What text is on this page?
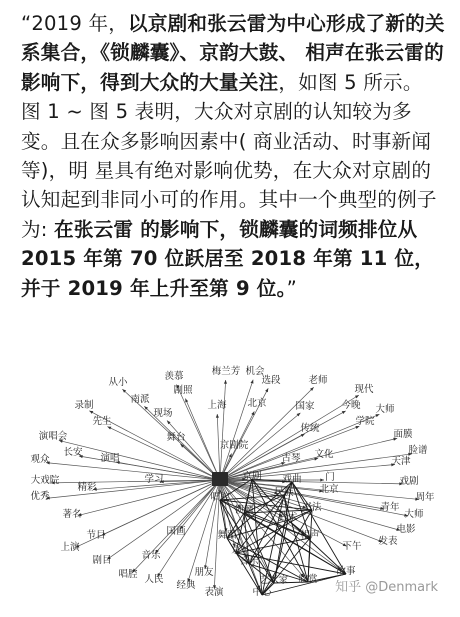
“2019 年，以京剧和张云雷为中心形成了新的关系集合，《锁麟囊》、京韵大鼓、 相声在张云雷的影响下，得到大众的大量关注，如图 5 所示。 图 1 ~ 图 5 表明，大众对京剧的认知较为多变。且在众多影响因素中( 商业活动、时事新闻等)，明 星具有绝对影响优势，在大众对京剧的认知起到非同小可的作用。其中一个典型的例子为: 在张云雷 的影响下，锁麟囊的词频排位从 2015 年第 70 位跃居至 2018 年第 11 位，并于 2019 年上升至第 9 位。”

羡慕	梅兰芳 机会
从小
剧照
选段	老师
现代
录制
南派
国家	今晚 大师
先生
现场
上海 北京
学院
面膜
演唱会
传统
脸谱
长安
舞台
京剧院
文化
天津
观众	演唱	古琴
门	戏剧
大戏院
精彩
学习
周年
优秀
戏曲
京剧
唱腔
书法	青年
大师
著名
民族
锁麟
国画	舞蹈
武术
相声
上演
节目
京	下午
剧目	音乐
发表
电影
唱腔 人民	艺术家 欣赏
故事
经典
朋友
表演	中心
北京
音乐
知乎 @Denmark
